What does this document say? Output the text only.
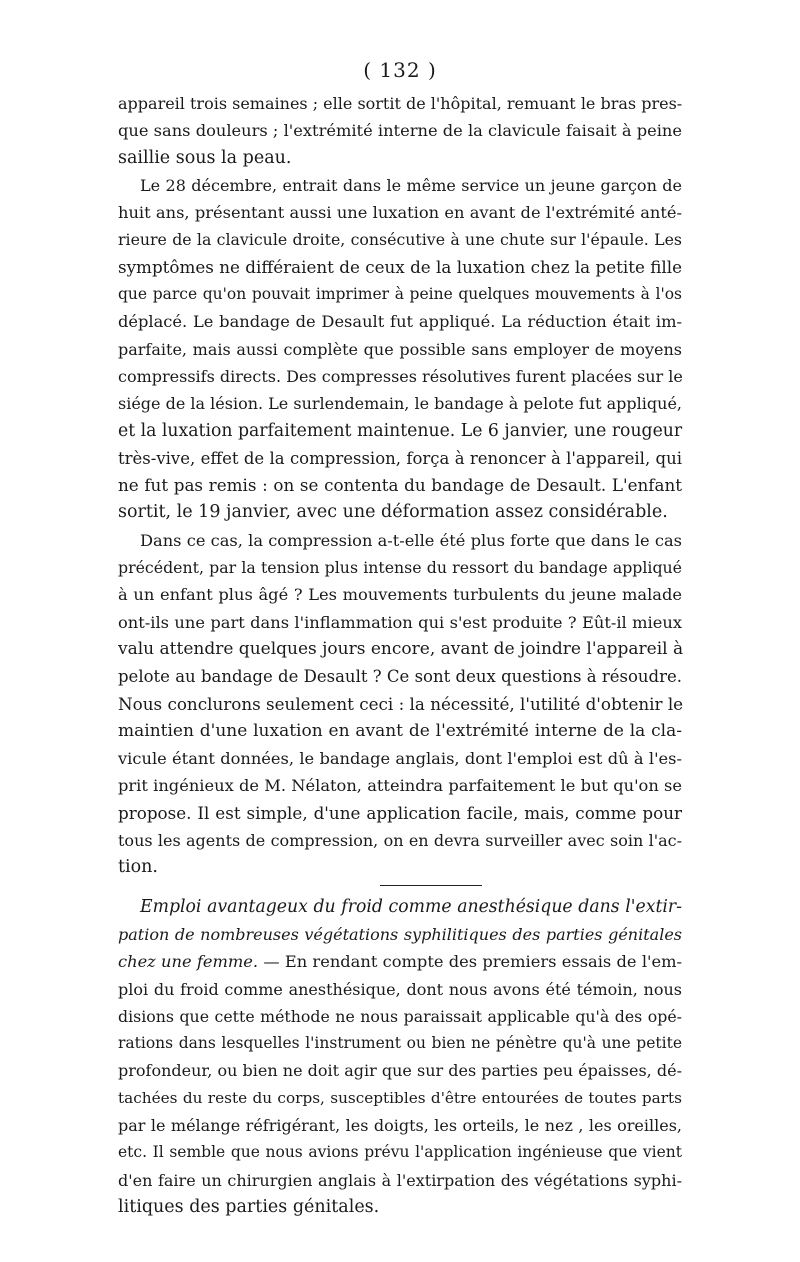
( 132 )
appareil trois semaines ; elle sortit de l'hôpital, remuant le bras pres-
que sans douleurs ; l'extrémité interne de la clavicule faisait à peine
saillie sous la peau.
Le 28 décembre, entrait dans le même service un jeune garçon de
huit ans, présentant aussi une luxation en avant de l'extrémité anté-
rieure de la clavicule droite, consécutive à une chute sur l'épaule. Les
symptômes ne différaient de ceux de la luxation chez la petite fille
que parce qu'on pouvait imprimer à peine quelques mouvements à l'os
déplacé. Le bandage de Desault fut appliqué. La réduction était im-
parfaite, mais aussi complète que possible sans employer de moyens
compressifs directs. Des compresses résolutives furent placées sur le
siége de la lésion. Le surlendemain, le bandage à pelote fut appliqué,
et la luxation parfaitement maintenue. Le 6 janvier, une rougeur
très-vive, effet de la compression, força à renoncer à l'appareil, qui
ne fut pas remis : on se contenta du bandage de Desault. L'enfant
sortit, le 19 janvier, avec une déformation assez considérable.
Dans ce cas, la compression a-t-elle été plus forte que dans le cas
précédent, par la tension plus intense du ressort du bandage appliqué
à un enfant plus âgé ? Les mouvements turbulents du jeune malade
ont-ils une part dans l'inflammation qui s'est produite ? Eût-il mieux
valu attendre quelques jours encore, avant de joindre l'appareil à
pelote au bandage de Desault ? Ce sont deux questions à résoudre.
Nous conclurons seulement ceci : la nécessité, l'utilité d'obtenir le
maintien d'une luxation en avant de l'extrémité interne de la cla-
vicule étant données, le bandage anglais, dont l'emploi est dû à l'es-
prit ingénieux de M. Nélaton, atteindra parfaitement le but qu'on se
propose. Il est simple, d'une application facile, mais, comme pour
tous les agents de compression, on en devra surveiller avec soin l'ac-
tion.
Emploi avantageux du froid comme anesthésique dans l'extir-
pation de nombreuses végétations syphilitiques des parties génitales
chez une femme. — En rendant compte des premiers essais de l'em-
ploi du froid comme anesthésique, dont nous avons été témoin, nous
disions que cette méthode ne nous paraissait applicable qu'à des opé-
rations dans lesquelles l'instrument ou bien ne pénètre qu'à une petite
profondeur, ou bien ne doit agir que sur des parties peu épaisses, dé-
tachées du reste du corps, susceptibles d'être entourées de toutes parts
par le mélange réfrigérant, les doigts, les orteils, le nez , les oreilles,
etc. Il semble que nous avions prévu l'application ingénieuse que vient
d'en faire un chirurgien anglais à l'extirpation des végétations syphi-
litiques des parties génitales.
